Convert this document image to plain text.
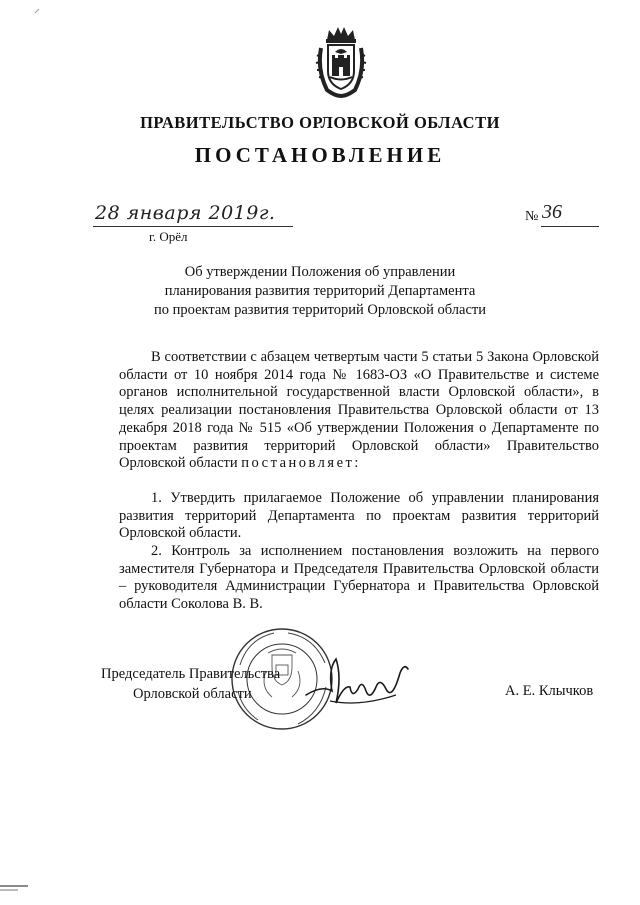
ПРАВИТЕЛЬСТВО ОРЛОВСКОЙ ОБЛАСТИ
ПОСТАНОВЛЕНИЕ
28 января 2019г.
г. Орёл
№ 36
Об утверждении Положения об управлении
планирования развития территорий Департамента
по проектам развития территорий Орловской области

В соответствии с абзацем четвертым части 5 статьи 5 Закона Орловской области от 10 ноября 2014 года № 1683-ОЗ «О Правительстве и системе органов исполнительной государственной власти Орловской области», в целях реализации постановления Правительства Орловской области от 13 декабря 2018 года № 515 «Об утверждении Положения о Департаменте по проектам развития территорий Орловской области» Правительство Орловской области постановляет:

1. Утвердить прилагаемое Положение об управлении планирования развития территорий Департамента по проектам развития территорий Орловской области.

2. Контроль за исполнением постановления возложить на первого заместителя Губернатора и Председателя Правительства Орловской области – руководителя Администрации Губернатора и Правительства Орловской области Соколова В. В.

Председатель Правительства
Орловской области	А. Е. Клычков
